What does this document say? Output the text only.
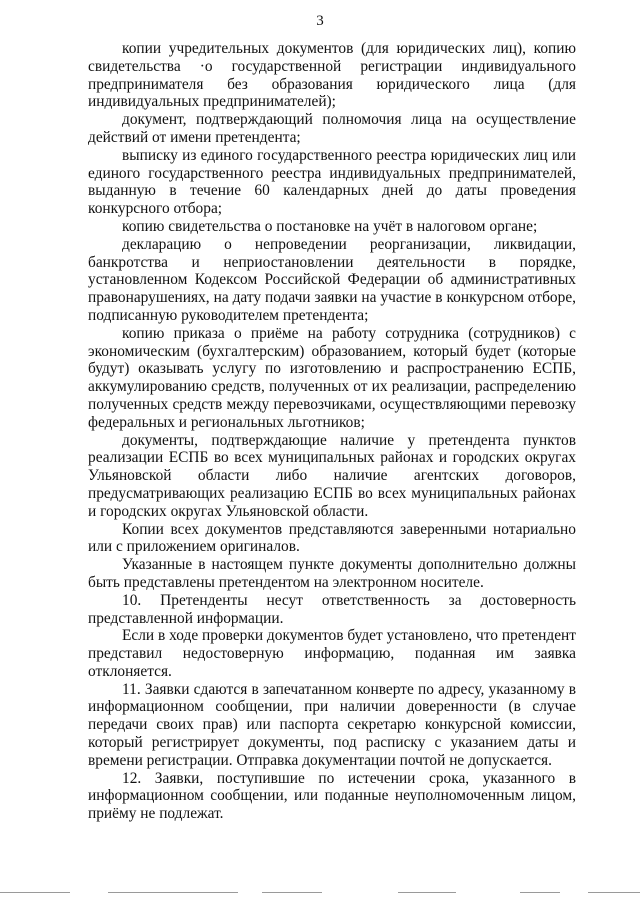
3

копии учредительных документов (для юридических лиц), копию свидетельства ·о государственной регистрации индивидуального предпринимателя без образования юридического лица (для индивидуальных предпринимателей);

документ, подтверждающий полномочия лица на осуществление действий от имени претендента;

выписку из единого государственного реестра юридических лиц или единого государственного реестра индивидуальных предпринимателей, выданную в течение 60 календарных дней до даты проведения конкурсного отбора;

копию свидетельства о постановке на учёт в налоговом органе;

декларацию о непроведении реорганизации, ликвидации, банкротства и неприостановлении деятельности в порядке, установленном Кодексом Российской Федерации об административных правонарушениях, на дату подачи заявки на участие в конкурсном отборе, подписанную руководителем претендента;

копию приказа о приёме на работу сотрудника (сотрудников) с экономическим (бухгалтерским) образованием, который будет (которые будут) оказывать услугу по изготовлению и распространению ЕСПБ, аккумулированию средств, полученных от их реализации, распределению полученных средств между перевозчиками, осуществляющими перевозку федеральных и региональных льготников;

документы, подтверждающие наличие у претендента пунктов реализации ЕСПБ во всех муниципальных районах и городских округах Ульяновской области либо наличие агентских договоров, предусматривающих реализацию ЕСПБ во всех муниципальных районах и городских округах Ульяновской области.

Копии всех документов представляются заверенными нотариально или с приложением оригиналов.

Указанные в настоящем пункте документы дополнительно должны быть представлены претендентом на электронном носителе.

10. Претенденты несут ответственность за достоверность представленной информации.

Если в ходе проверки документов будет установлено, что претендент представил недостоверную информацию, поданная им заявка отклоняется.

11. Заявки сдаются в запечатанном конверте по адресу, указанному в информационном сообщении, при наличии доверенности (в случае передачи своих прав) или паспорта секретарю конкурсной комиссии, который регистрирует документы, под расписку с указанием даты и времени регистрации. Отправка документации почтой не допускается.

12. Заявки, поступившие по истечении срока, указанного в информационном сообщении, или поданные неуполномоченным лицом, приёму не подлежат.
